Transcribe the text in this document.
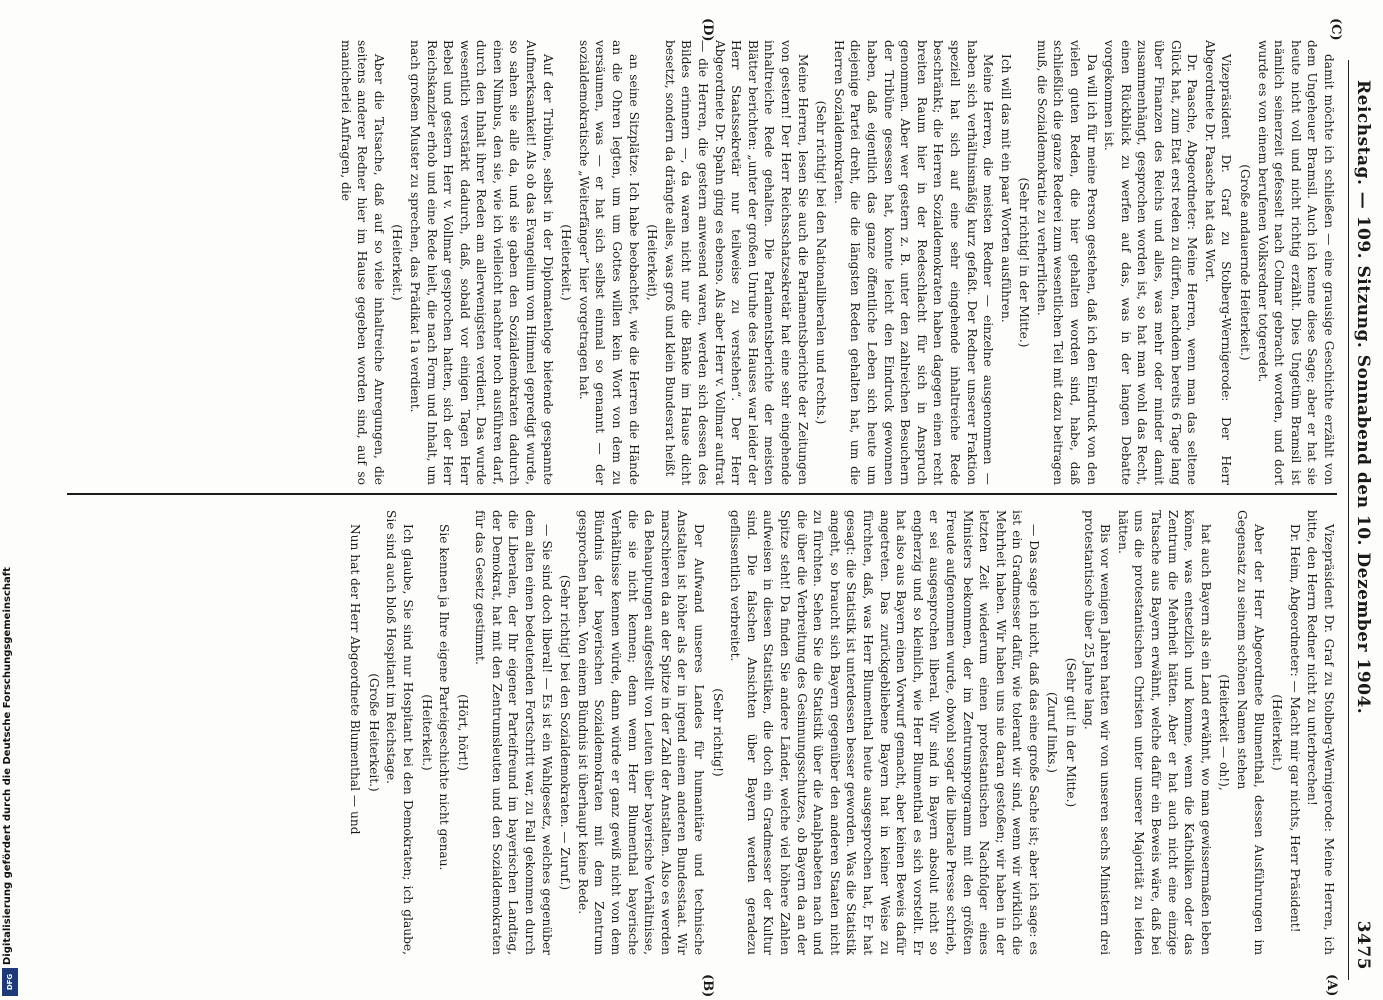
Reichstag. — 109. Sitzung. Sonnabend den 10. Dezember 1904.
3475
(A)
(B)
(C)
(D)

Vizepräsident Dr. Graf zu Stolberg-Wernigerode: Meine Herren, ich bitte, den Herrn Redner nicht zu unterbrechen!

Dr. Heim, Abgeordneter: — Macht mir gar nichts, Herr Präsident!

(Heiterkeit.)

Aber der Herr Abgeordnete Blumenthal, dessen Ausführungen im Gegensatz zu seinem schönen Namen stehen

(Heiterkeit — oh!),

hat auch Bayern als ein Land erwähnt, wo man gewissermaßen leben könne, was entsetzlich und komme, wenn die Katholiken oder das Zentrum die Mehrheit hätten. Aber er hat auch nicht eine einzige Tatsache aus Bayern erwähnt, welche dafür ein Beweis wäre, daß bei uns die protestantischen Christen unter unserer Majorität zu leiden hätten.

Bis vor wenigen Jahren hatten wir von unseren sechs Ministern drei protestantische über 25 Jahre lang.

(Sehr gut! in der Mitte.)

(Zuruf links.)

— Das sage ich nicht, daß das eine große Sache ist; aber ich sage: es ist ein Gradmesser dafür, wie tolerant wir sind, wenn wir wirklich die Mehrheit haben. Wir haben uns nie daran gestoßen; wir haben in der letzten Zeit wiederum einen protestantischen Nachfolger eines Ministers bekommen, der im Zentrumsprogramm mit den größten Freude aufgenommen wurde, obwohl sogar die liberale Presse schrieb, er sei ausgesprochen liberal. Wir sind in Bayern absolut nicht so engherzig und so kleinlich, wie Herr Blumenthal es sich vorstellt. Er hat also aus Bayern einen Vorwurf gemacht, aber keinen Beweis dafür angetreten. Das zurückgebliebene Bayern hat in keiner Weise zu fürchten, daß, was Herr Blumenthal heute ausgesprochen hat, Er hat gesagt: die Statistik ist unterdessen besser geworden. Was die Statistik angeht, so braucht sich Bayern gegenüber den anderen Staaten nicht zu fürchten. Sehen Sie die Statistik über die Analphabeten nach und die über die Verbreitung des Gesinnungsschutzes, ob Bayern da an der Spitze steht! Da finden Sie andere Länder, welche viel höhere Zahlen aufweisen in diesen Statistiken, die doch ein Gradmesser der Kultur sind. Die falschen Ansichten über Bayern werden geradezu geflissentlich verbreitet.

(Sehr richtig!)

Der Aufwand unseres Landes für humanitäre und technische Anstalten ist höher als der in irgend einem anderen Bundesstaat. Wir marschieren da an der Spitze in der Zahl der Anstalten. Also es werden da Behauptungen aufgestellt von Leuten über bayerische Verhältnisse, die sie nicht kennen; denn wenn Herr Blumenthal bayerische Verhältnisse kennen würde, dann würde er ganz gewiß nicht von dem Bündnis der bayerischen Sozialdemokraten mit dem Zentrum gesprochen haben. Von einem Bündnis ist überhaupt keine Rede.

(Sehr richtig! bei den Sozialdemokraten. — Zuruf.)

— Sie sind doch liberal! — Es ist ein Wahlgesetz, welches gegenüber dem alten einen bedeutenden Fortschritt war, zu Fall gekommen durch die Liberalen, der Ihr eigener Parteifreund im bayerischen Landtag, der Demokrat, hat mit den Zentrumsleuten und den Sozialdemokraten für das Gesetz gestimmt.

(Hört, hört!)

Sie kennen ja Ihre eigene Parteigeschichte nicht genau.

(Heiterkeit.)

Ich glaube, Sie sind nur Hospitant bei den Demokraten; ich glaube, Sie sind auch bloß Hospitant im Reichstage.

(Große Heiterkeit.)

Nun hat der Herr Abgeordnete Blumenthal — und

damit möchte ich schließen — eine grausige Geschichte erzählt von dem Ungeheuer Bramsil. Auch ich kenne diese Sage; aber er hat sie heute nicht voll und nicht richtig erzählt. Dies Ungetüm Bramsil ist nämlich seinerzeit gefesselt nach Colmar gebracht worden, und dort wurde es von einem berufenen Volksredner totgeredet.

(Große andauernde Heiterkeit.)

Vizepräsident Dr. Graf zu Stolberg-Wernigerode: Der Herr Abgeordnete Dr. Paasche hat das Wort.

Dr. Paasche, Abgeordneter: Meine Herren, wenn man das seltene Glück hat, zum Etat erst reden zu dürfen, nachdem bereits 6 Tage lang über Finanzen des Reichs und alles, was mehr oder minder damit zusammenhängt, gesprochen worden ist, so hat man wohl das Recht, einen Rückblick zu werfen auf das, was in der langen Debatte vorgekommen ist.

Da will ich für meine Person gestehen, daß ich den Eindruck von den vielen guten Reden, die hier gehalten worden sind, habe, daß schließlich die ganze Rederei zum wesentlichen Teil mit dazu beitragen muß, die Sozialdemokratie zu verherrlichen.

(Sehr richtig! in der Mitte.)

Ich will das mit ein paar Worten ausführen.

Meine Herren, die meisten Redner — einzelne ausgenommen — haben sich verhältnismäßig kurz gefaßt. Der Redner unserer Fraktion speziell hat sich auf eine sehr eingehende inhaltreiche Rede beschränkt; die Herren Sozialdemokraten haben dagegen einen recht breiten Raum hier in der Redeschlacht für sich in Anspruch genommen. Aber wer gestern z. B. unter den zahlreichen Besuchern der Tribüne gesessen hat, konnte leicht den Eindruck gewonnen haben, daß eigentlich das ganze öffentliche Leben sich heute um diejenige Partei dreht, die die längsten Reden gehalten hat, um die Herren Sozialdemokraten.

(Sehr richtig! bei den Nationalliberalen und rechts.)

Meine Herren, lesen Sie auch die Parlamentsberichte der Zeitungen von gestern! Der Herr Reichsschatzsekretär hat eine sehr eingehende inhaltreiche Rede gehalten. Die Parlamentsberichte der meisten Blätter berichten: „unter der großen Unruhe des Hauses war leider der Herr Staatssekretär nur teilweise zu verstehen“. Der Herr Abgeordnete Dr. Spahn ging es ebenso. Als aber Herr v. Vollmar auftrat — die Herren, die gestern anwesend waren, werden sich dessen des Bildes erinnern —, da waren nicht nur die Bänke im Hause dicht besetzt, sondern da drängte alles, was groß und klein Bundesrat heißt

(Heiterkeit),

an seine Sitzplätze. Ich habe beobachtet, wie die Herren die Hände an die Ohren legten, um um Gottes willen kein Wort von dem zu versäumen, was — er hat sich selbst einmal so genannt — der sozialdemokratische „Weiterfänger“ hier vorgetragen hat.

(Heiterkeit.)

Auf der Tribüne, selbst in der Diplomatenloge bietende gespannte Aufmerksamkeit! Als ob das Evangelium vom Himmel gepredigt wurde, so sahen sie alle da, und sie gaben den Sozialdemokraten dadurch einen Nimbus, den sie, wie ich vielleicht nachher noch ausführen darf, durch den Inhalt ihrer Reden am allerwenigsten verdient. Das wurde wesentlich verstärkt dadurch, daß, sobald vor einigen Tagen Herr Bebel und gestern Herr v. Vollmar gesprochen hatten, sich der Herr Reichskanzler erhob und eine Rede hielt, die nach Form und Inhalt, um nach großem Muster zu sprechen, das Prädikat 1a verdient.

(Heiterkeit.)

Aber die Tatsache, daß auf so viele inhaltreiche Anregungen, die seitens anderer Redner hier im Hause gegeben worden sind, auf so manicherlei Anfragen, die

Digitalisierung gefördert durch die Deutsche Forschungsgemeinschaft
DFG
